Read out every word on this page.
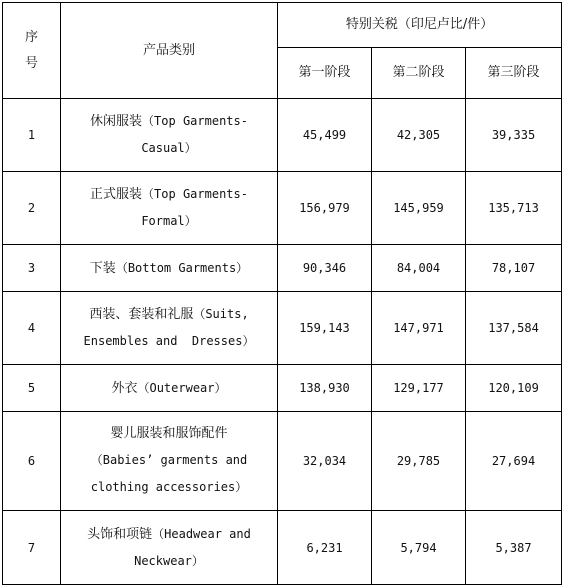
序
号	产品类别	特别关税（印尼卢比/件）		
		第一阶段	第二阶段	第三阶段
1	休闲服装（Top Garments-
Casual）	45,499	42,305	39,335
2	正式服装（Top Garments-
Formal）	156,979	145,959	135,713
3	下装（Bottom Garments）	90,346	84,004	78,107
4	西装、套装和礼服（Suits,
Ensembles and  Dresses）	159,143	147,971	137,584
5	外衣（Outerwear）	138,930	129,177	120,109
6	婴儿服装和服饰配件
（Babies’ garments and
clothing accessories）	32,034	29,785	27,694
7	头饰和项链（Headwear and
Neckwear）	6,231	5,794	5,387
